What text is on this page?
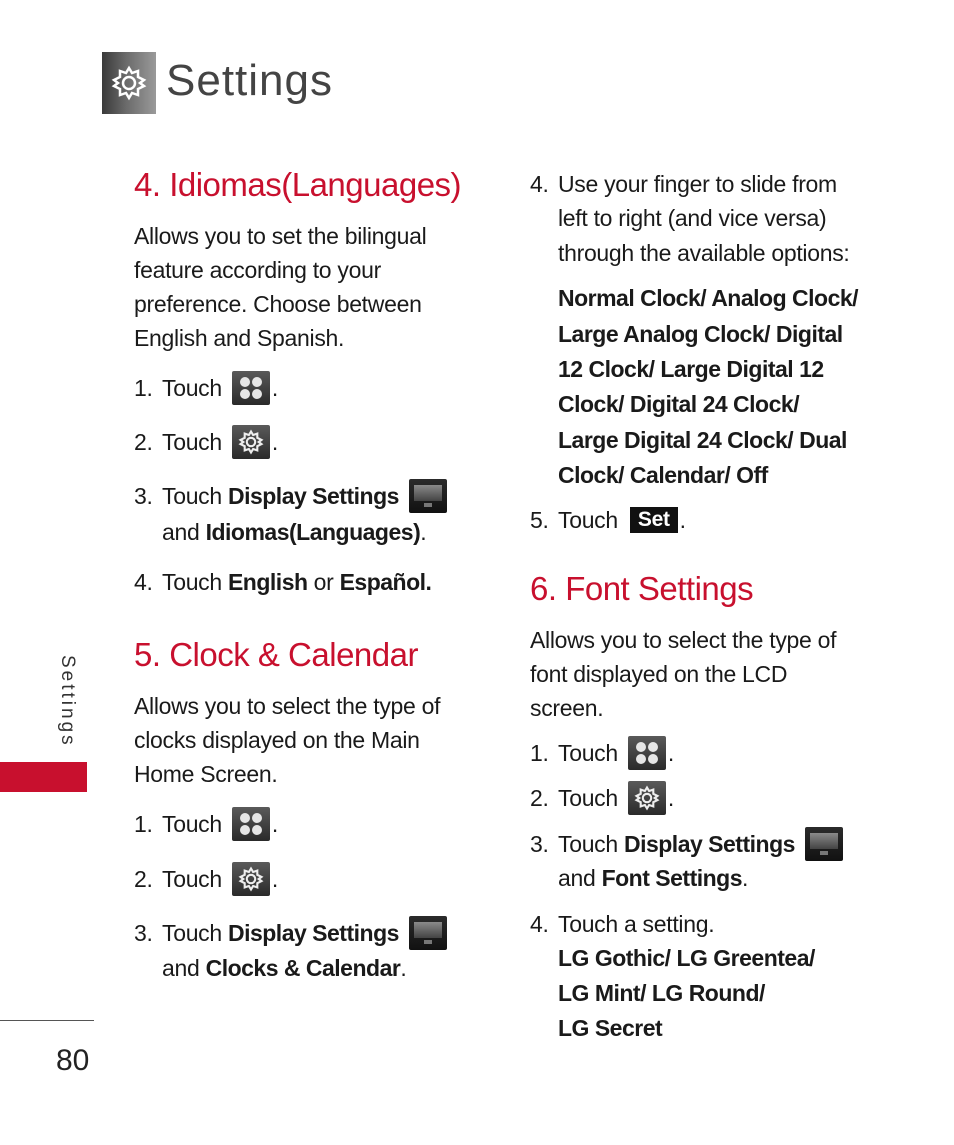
Settings
4. Idiomas(Languages)

Allows you to set the bilingual

feature according to your

preference. Choose between

English and Spanish.

1. Touch .
2. Touch .
3. Touch
Display Settings

and Idiomas(Languages).

4. Touch
English
or
Español.
5. Clock & Calendar

Allows you to select the type of

clocks displayed on the Main

Home Screen.

1. Touch .
2. Touch .
3. Touch
Display Settings

and Clocks & Calendar.

4. Use your finger to slide from

left to right (and vice versa)

through the available options:

Normal Clock/ Analog Clock/

Large Analog Clock/ Digital

12 Clock/ Large Digital 12

Clock/ Digital 24 Clock/

Large Digital 24 Clock/ Dual

Clock/ Calendar/ Off

5. Touch Set .
6. Font Settings

Allows you to select the type of

font displayed on the LCD

screen.

1. Touch .
2. Touch .
3. Touch
Display Settings

and Font Settings.

4. Touch a setting.

LG Gothic/ LG Greentea/

LG Mint/ LG Round/

LG Secret

Settings

80
